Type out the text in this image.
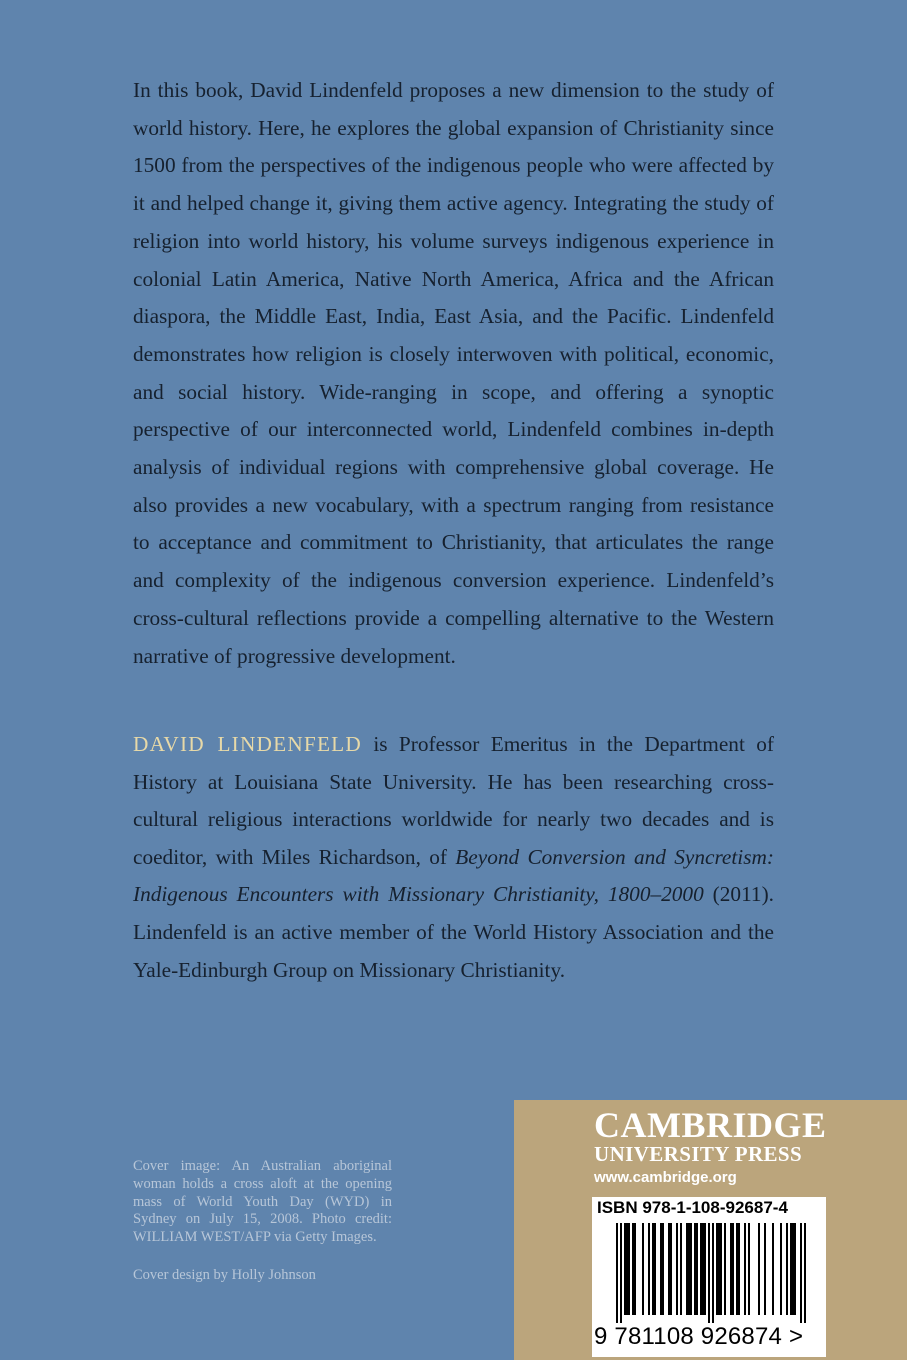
In this book, David Lindenfeld proposes a new dimension to the study of world history. Here, he explores the global expansion of Christianity since 1500 from the perspectives of the indigenous people who were affected by it and helped change it, giving them active agency. Integrating the study of religion into world history, his volume surveys indigenous experience in colonial Latin America, Native North America, Africa and the African diaspora, the Middle East, India, East Asia, and the Pacific. Lindenfeld demonstrates how religion is closely interwoven with political, economic, and social history. Wide-ranging in scope, and offering a synoptic perspective of our interconnected world, Lindenfeld combines in-depth analysis of individual regions with comprehensive global coverage. He also provides a new vocabulary, with a spectrum ranging from resistance to acceptance and commitment to Christianity, that articulates the range and complexity of the indigenous conversion experience. Lindenfeld’s cross-cultural reflections provide a compelling alternative to the Western narrative of progressive development.

DAVID LINDENFELD is Professor Emeritus in the Department of History at Louisiana State University. He has been researching cross-cultural religious interactions worldwide for nearly two decades and is coeditor, with Miles Richardson, of Beyond Conversion and Syncretism: Indigenous Encounters with Missionary Christianity, 1800–2000 (2011). Lindenfeld is an active member of the World History Association and the Yale-Edinburgh Group on Missionary Christianity.

Cover image: An Australian aboriginal woman holds a cross aloft at the opening mass of World Youth Day (WYD) in Sydney on July 15, 2008. Photo credit: WILLIAM WEST/AFP via Getty Images.

Cover design by Holly Johnson

CAMBRIDGE
UNIVERSITY PRESS
www.cambridge.org
ISBN 978-1-108-92687-4
9 781108 926874 >
